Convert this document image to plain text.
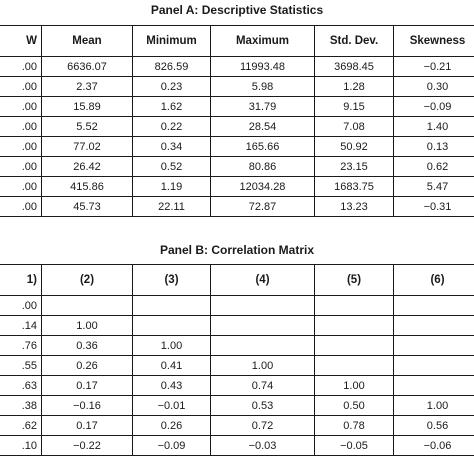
Panel A: Descriptive Statistics
W	Mean	Minimum	Maximum	Std. Dev.	Skewness
.00	6636.07	826.59	11993.48	3698.45	−0.21
.00	2.37	0.23	5.98	1.28	0.30
.00	15.89	1.62	31.79	9.15	−0.09
.00	5.52	0.22	28.54	7.08	1.40
.00	77.02	0.34	165.66	50.92	0.13
.00	26.42	0.52	80.86	23.15	0.62
.00	415.86	1.19	12034.28	1683.75	5.47
.00	45.73	22.11	72.87	13.23	−0.31
Panel B: Correlation Matrix
1)	(2)	(3)	(4)	(5)	(6)
.00					
.14	1.00				
.76	0.36	1.00			
.55	0.26	0.41	1.00		
.63	0.17	0.43	0.74	1.00	
.38	−0.16	−0.01	0.53	0.50	1.00
.62	0.17	0.26	0.72	0.78	0.56
.10	−0.22	−0.09	−0.03	−0.05	−0.06
